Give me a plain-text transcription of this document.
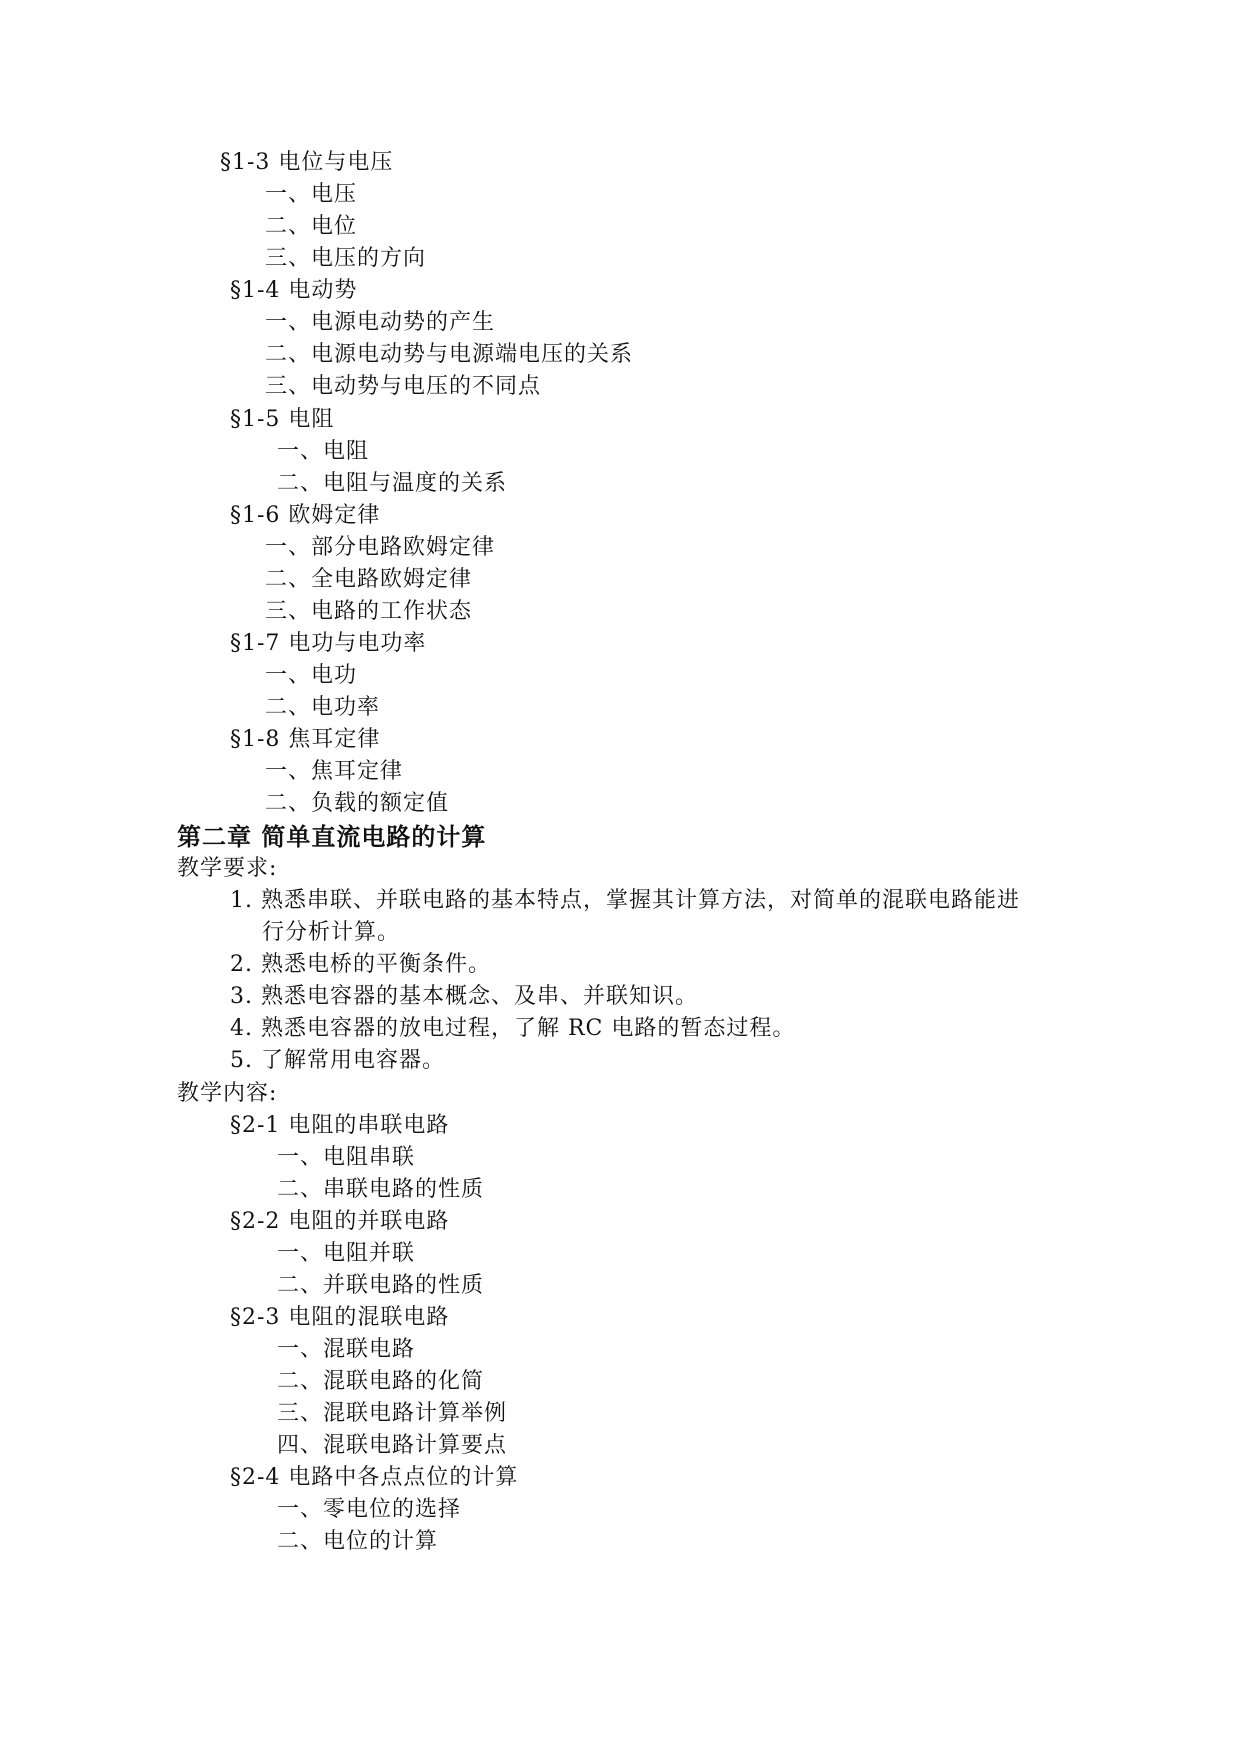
§1-3 电位与电压
一、电压
二、电位
三、电压的方向
§1-4 电动势
一、电源电动势的产生
二、电源电动势与电源端电压的关系
三、电动势与电压的不同点
§1-5 电阻
一、电阻
二、电阻与温度的关系
§1-6 欧姆定律
一、部分电路欧姆定律
二、全电路欧姆定律
三、电路的工作状态
§1-7 电功与电功率
一、电功
二、电功率
§1-8 焦耳定律
一、焦耳定律
二、负载的额定值
第二章 简单直流电路的计算
教学要求:
1. 熟悉串联、并联电路的基本特点，掌握其计算方法，对简单的混联电路能进
行分析计算。
2. 熟悉电桥的平衡条件。
3. 熟悉电容器的基本概念、及串、并联知识。
4. 熟悉电容器的放电过程，了解 RC 电路的暂态过程。
5. 了解常用电容器。
教学内容:
§2-1 电阻的串联电路
一、电阻串联
二、串联电路的性质
§2-2 电阻的并联电路
一、电阻并联
二、并联电路的性质
§2-3 电阻的混联电路
一、混联电路
二、混联电路的化简
三、混联电路计算举例
四、混联电路计算要点
§2-4 电路中各点点位的计算
一、零电位的选择
二、电位的计算
